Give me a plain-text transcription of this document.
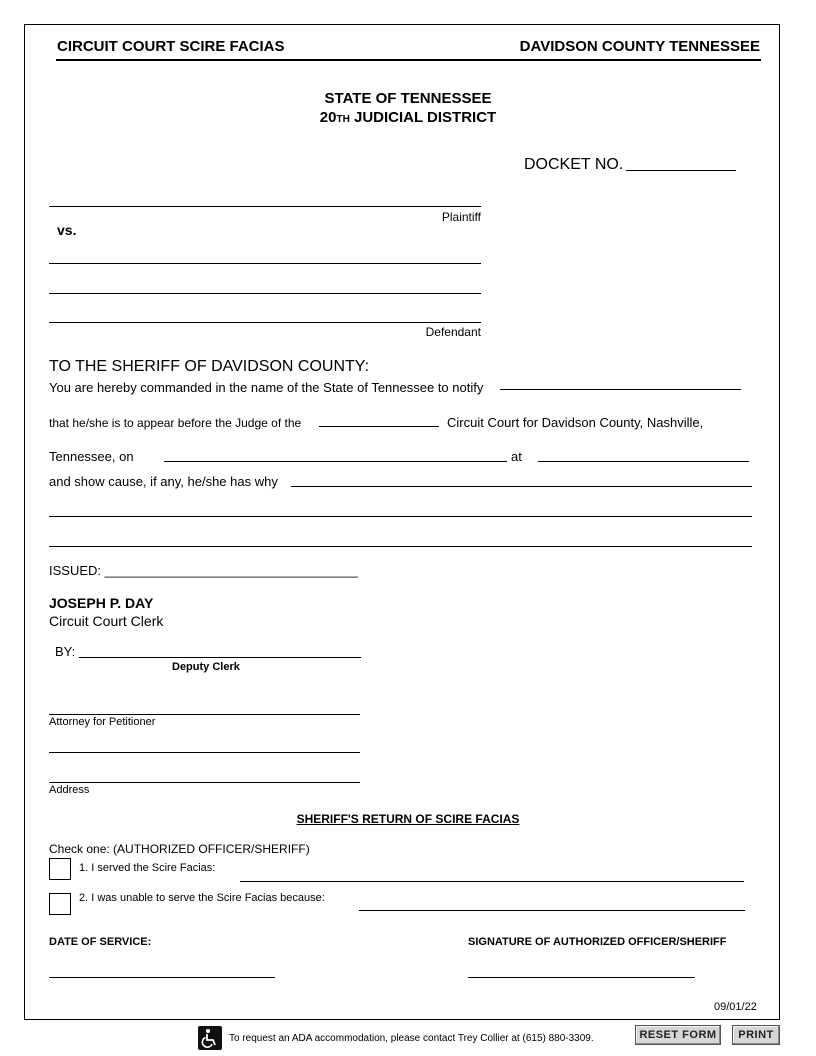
CIRCUIT COURT SCIRE FACIAS	DAVIDSON COUNTY TENNESSEE
STATE OF TENNESSEE
20TH JUDICIAL DISTRICT
DOCKET NO.
Plaintiff
vs.
Defendant
TO THE SHERIFF OF DAVIDSON COUNTY:
You are hereby commanded in the name of the State of Tennessee to notify
that he/she is to appear before the Judge of the	Circuit Court for Davidson County, Nashville,
Tennessee, on	at
and show cause, if any, he/she has why
ISSUED: ___________________________________
JOSEPH P. DAY
Circuit Court Clerk
BY:
Deputy Clerk
Attorney for Petitioner
Address
SHERIFF'S RETURN OF SCIRE FACIAS
Check one: (AUTHORIZED OFFICER/SHERIFF)
1. I served the Scire Facias:
2. I was unable to serve the Scire Facias because:
DATE OF SERVICE:	SIGNATURE OF AUTHORIZED OFFICER/SHERIFF
09/01/22
To request an ADA accommodation, please contact Trey Collier at (615) 880-3309.	RESET FORM	PRINT
